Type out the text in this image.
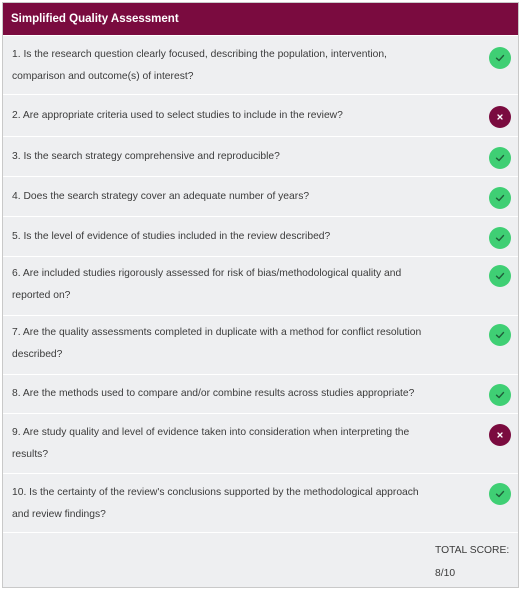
Simplified Quality Assessment
1. Is the research question clearly focused, describing the population, intervention, comparison and outcome(s) of interest?
2. Are appropriate criteria used to select studies to include in the review?
3. Is the search strategy comprehensive and reproducible?
4. Does the search strategy cover an adequate number of years?
5. Is the level of evidence of studies included in the review described?
6. Are included studies rigorously assessed for risk of bias/methodological quality and reported on?
7. Are the quality assessments completed in duplicate with a method for conflict resolution described?
8. Are the methods used to compare and/or combine results across studies appropriate?
9. Are study quality and level of evidence taken into consideration when interpreting the results?
10. Is the certainty of the review's conclusions supported by the methodological approach and review findings?
TOTAL SCORE:
8/10
